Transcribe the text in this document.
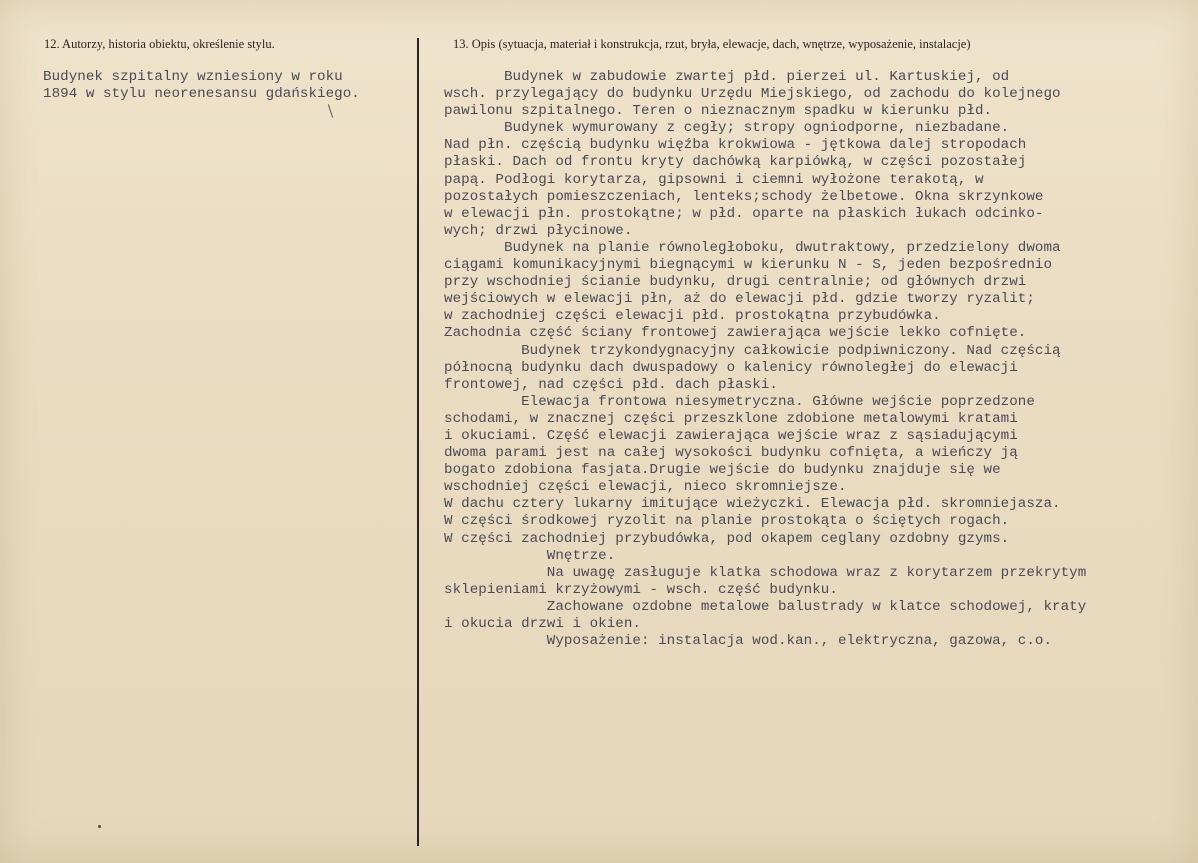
12. Autorzy, historia obiektu, określenie stylu.	13. Opis (sytuacja, materiał i konstrukcja, rzut, bryła, elewacje, dach, wnętrze, wyposażenie, instalacje)
Budynek szpitalny wzniesiony w roku
1894 w stylu neorenesansu gdańskiego.
Budynek w zabudowie zwartej płd. pierzei ul. Kartuskiej, od
wsch. przylegający do budynku Urzędu Miejskiego, od zachodu do kolejnego
pawilonu szpitalnego. Teren o nieznacznym spadku w kierunku płd.
Budynek wymurowany z cegły; stropy ogniodporne, niezbadane.
Nad płn. częścią budynku więźba krokwiowa - jętkowa dalej stropodach
płaski. Dach od frontu kryty dachówką karpiówką, w części pozostałej
papą. Podłogi korytarza, gipsowni i ciemni wyłożone terakotą, w
pozostałych pomieszczeniach, lenteks;schody żelbetowe. Okna skrzynkowe
w elewacji płn. prostokątne; w płd. oparte na płaskich łukach odcinko-
wych; drzwi płycinowe.
Budynek na planie równoległoboku, dwutraktowy, przedzielony dwoma
ciągami komunikacyjnymi biegnącymi w kierunku N - S, jeden bezpośrednio
przy wschodniej ścianie budynku, drugi centralnie; od głównych drzwi
wejściowych w elewacji płn, aż do elewacji płd. gdzie tworzy ryzalit;
w zachodniej części elewacji płd. prostokątna przybudówka.
Zachodnia część ściany frontowej zawierająca wejście lekko cofnięte.
Budynek trzykondygnacyjny całkowicie podpiwniczony. Nad częścią
północną budynku dach dwuspadowy o kalenicy równoległej do elewacji
frontowej, nad części płd. dach płaski.
Elewacja frontowa niesymetryczna. Główne wejście poprzedzone
schodami, w znacznej części przeszklone zdobione metalowymi kratami
i okuciami. Część elewacji zawierająca wejście wraz z sąsiadującymi
dwoma parami jest na całej wysokości budynku cofnięta, a wieńczy ją
bogato zdobiona fasjata.Drugie wejście do budynku znajduje się we
wschodniej części elewacji, nieco skromniejsze.
W dachu cztery lukarny imitujące wieżyczki. Elewacja płd. skromniejasza.
W części środkowej ryzolit na planie prostokąta o ściętych rogach.
W części zachodniej przybudówka, pod okapem ceglany ozdobny gzyms.
Wnętrze.
Na uwagę zasługuje klatka schodowa wraz z korytarzem przekrytym
sklepieniami krzyżowymi - wsch. część budynku.
Zachowane ozdobne metalowe balustrady w klatce schodowej, kraty
i okucia drzwi i okien.
Wyposażenie: instalacja wod.kan., elektryczna, gazowa, c.o.
